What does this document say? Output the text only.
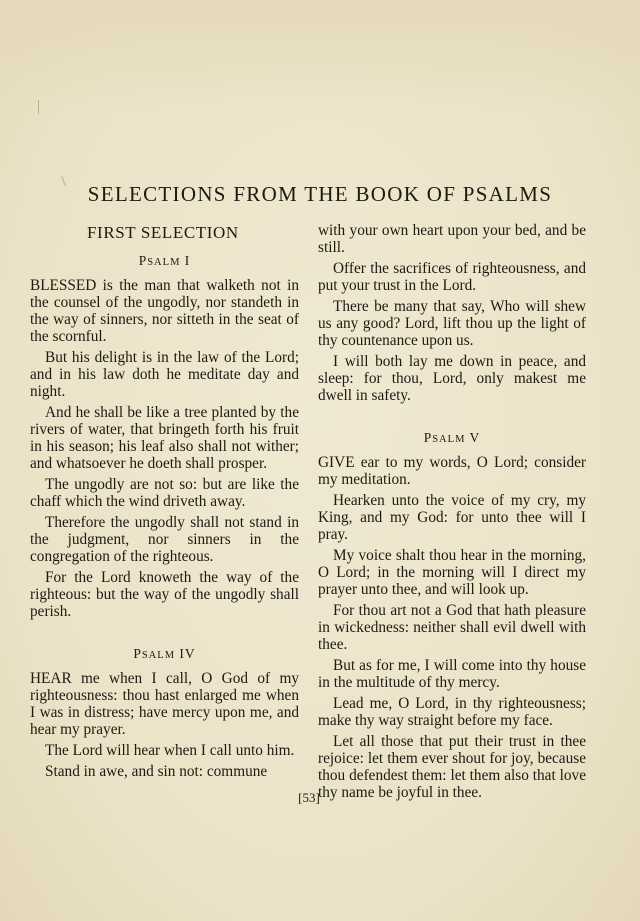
SELECTIONS FROM THE BOOK OF PSALMS
FIRST SELECTION
PSALM I

BLESSED is the man that walketh not in the counsel of the ungodly, nor standeth in the way of sinners, nor sitteth in the seat of the scornful.

But his delight is in the law of the Lord; and in his law doth he meditate day and night.

And he shall be like a tree planted by the rivers of water, that bringeth forth his fruit in his season; his leaf also shall not wither; and whatsoever he doeth shall prosper.

The ungodly are not so: but are like the chaff which the wind driveth away.

Therefore the ungodly shall not stand in the judgment, nor sinners in the congregation of the righteous.

For the Lord knoweth the way of the righteous: but the way of the ungodly shall perish.

PSALM IV

HEAR me when I call, O God of my righteousness: thou hast enlarged me when I was in distress; have mercy upon me, and hear my prayer.

The Lord will hear when I call unto him.

Stand in awe, and sin not: commune

with your own heart upon your bed, and be still.

Offer the sacrifices of righteousness, and put your trust in the Lord.

There be many that say, Who will shew us any good? Lord, lift thou up the light of thy countenance upon us.

I will both lay me down in peace, and sleep: for thou, Lord, only makest me dwell in safety.

PSALM V

GIVE ear to my words, O Lord; consider my meditation.

Hearken unto the voice of my cry, my King, and my God: for unto thee will I pray.

My voice shalt thou hear in the morning, O Lord; in the morning will I direct my prayer unto thee, and will look up.

For thou art not a God that hath pleasure in wickedness: neither shall evil dwell with thee.

But as for me, I will come into thy house in the multitude of thy mercy.

Lead me, O Lord, in thy righteousness; make thy way straight before my face.

Let all those that put their trust in thee rejoice: let them ever shout for joy, because thou defendest them: let them also that love thy name be joyful in thee.

[53]
